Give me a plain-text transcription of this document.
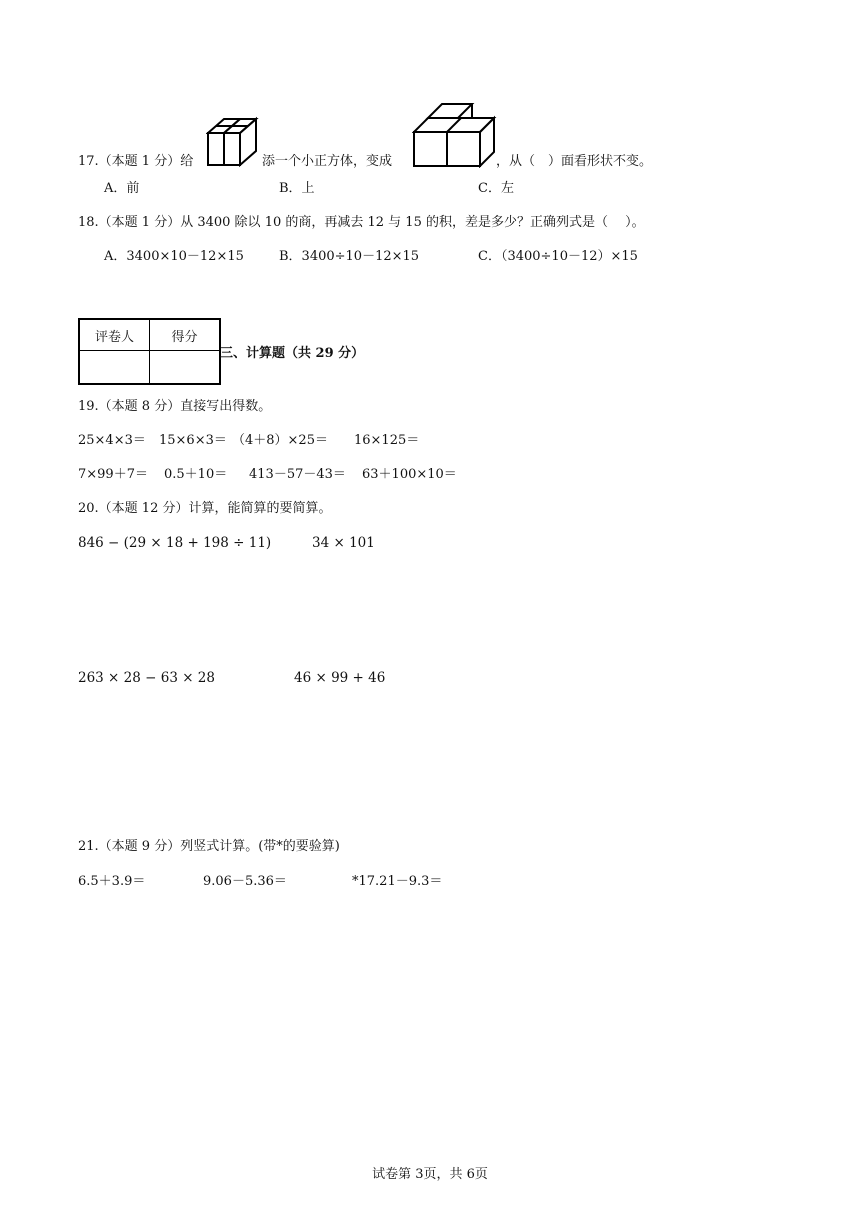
17.（本题 1 分）给	添一个小正方体，变成	，从（　）面看形状不变。
A．前	B．上	C．左
18.（本题 1 分）从 3400 除以 10 的商，再减去 12 与 15 的积，差是多少？正确列式是（　 ）。
A．3400×10－12×15	B．3400÷10－12×15	C．（3400÷10－12）×15
评卷人	得分

三、计算题（共 29 分）
19.（本题 8 分）直接写出得数。
25×4×3＝ 15×6×3＝ （4＋8）×25＝ 16×125＝
7×99＋7＝ 0.5＋10＝ 413－57－43＝ 63＋100×10＝
20.（本题 12 分）计算，能简算的要简算。
846 − (29 × 18 + 198 ÷ 11)	34 × 101
263 × 28 − 63 × 28	46 × 99 + 46
21.（本题 9 分）列竖式计算。(带*的要验算)
6.5＋3.9＝	9.06－5.36＝	*17.21－9.3＝
试卷第 3页，共 6页
